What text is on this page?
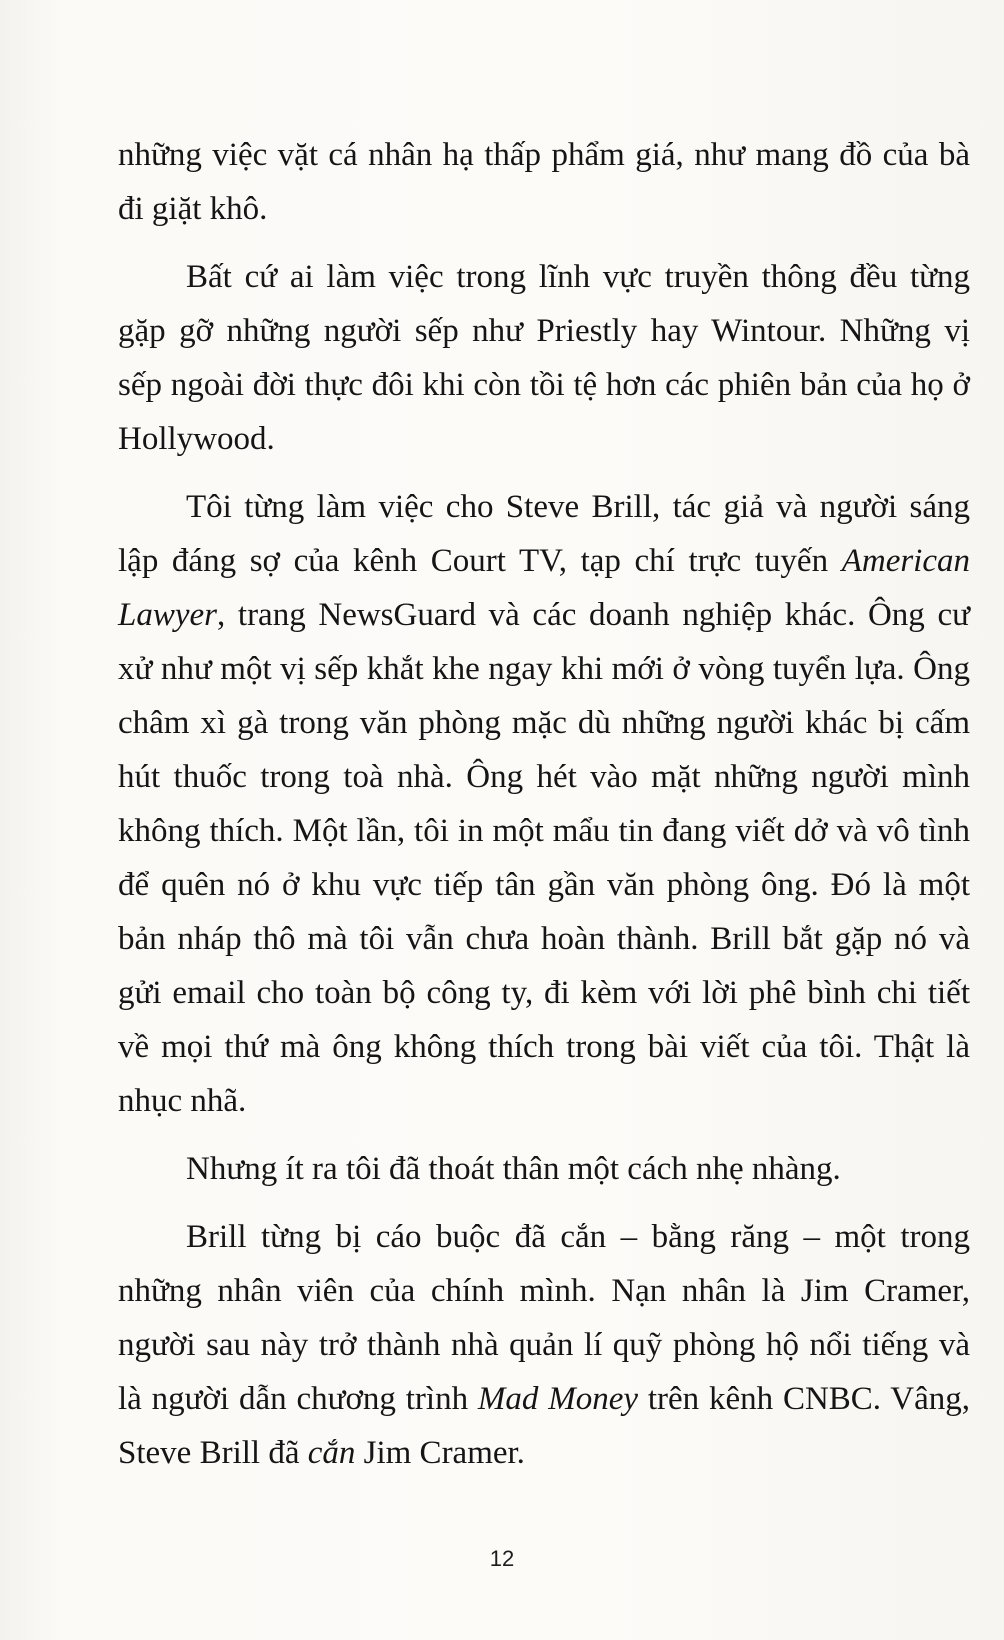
những việc vặt cá nhân hạ thấp phẩm giá, như mang đồ của bà đi giặt khô.

Bất cứ ai làm việc trong lĩnh vực truyền thông đều từng gặp gỡ những người sếp như Priestly hay Wintour. Những vị sếp ngoài đời thực đôi khi còn tồi tệ hơn các phiên bản của họ ở Hollywood.

Tôi từng làm việc cho Steve Brill, tác giả và người sáng lập đáng sợ của kênh Court TV, tạp chí trực tuyến American Lawyer, trang NewsGuard và các doanh nghiệp khác. Ông cư xử như một vị sếp khắt khe ngay khi mới ở vòng tuyển lựa. Ông châm xì gà trong văn phòng mặc dù những người khác bị cấm hút thuốc trong toà nhà. Ông hét vào mặt những người mình không thích. Một lần, tôi in một mẩu tin đang viết dở và vô tình để quên nó ở khu vực tiếp tân gần văn phòng ông. Đó là một bản nháp thô mà tôi vẫn chưa hoàn thành. Brill bắt gặp nó và gửi email cho toàn bộ công ty, đi kèm với lời phê bình chi tiết về mọi thứ mà ông không thích trong bài viết của tôi. Thật là nhục nhã.

Nhưng ít ra tôi đã thoát thân một cách nhẹ nhàng.

Brill từng bị cáo buộc đã cắn – bằng răng – một trong những nhân viên của chính mình. Nạn nhân là Jim Cramer, người sau này trở thành nhà quản lí quỹ phòng hộ nổi tiếng và là người dẫn chương trình Mad Money trên kênh CNBC. Vâng, Steve Brill đã cắn Jim Cramer.

12
